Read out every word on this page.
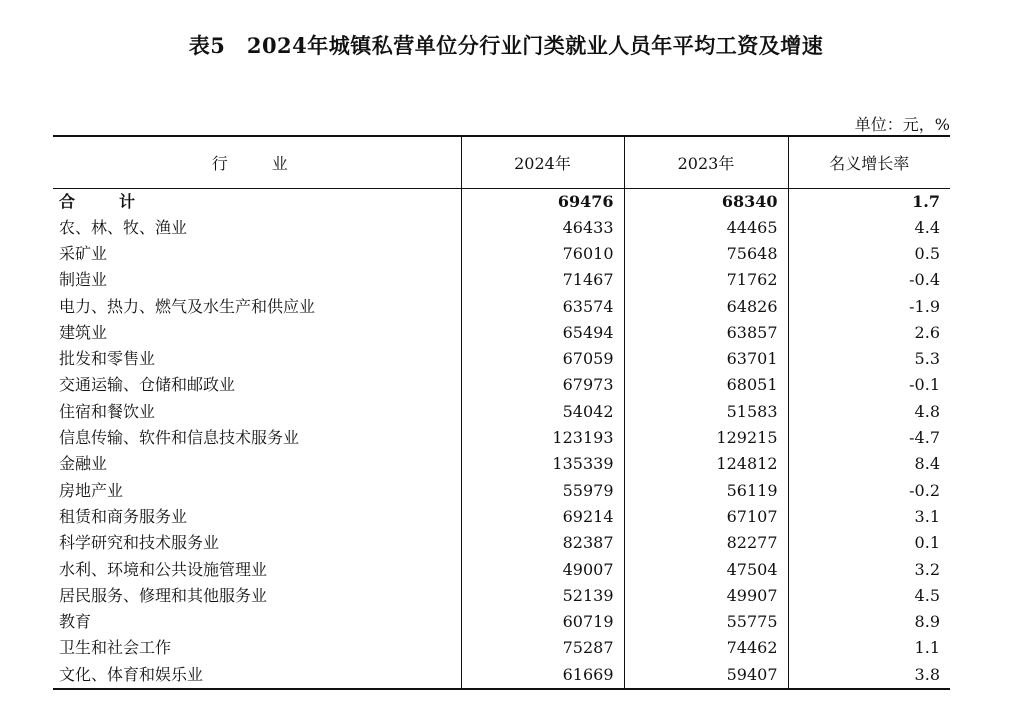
表5　2024年城镇私营单位分行业门类就业人员年平均工资及增速
单位：元，%
行　业	2024年	2023年	名义增长率
合　计	69476	68340	1.7
农、林、牧、渔业	46433	44465	4.4
采矿业	76010	75648	0.5
制造业	71467	71762	-0.4
电力、热力、燃气及水生产和供应业	63574	64826	-1.9
建筑业	65494	63857	2.6
批发和零售业	67059	63701	5.3
交通运输、仓储和邮政业	67973	68051	-0.1
住宿和餐饮业	54042	51583	4.8
信息传输、软件和信息技术服务业	123193	129215	-4.7
金融业	135339	124812	8.4
房地产业	55979	56119	-0.2
租赁和商务服务业	69214	67107	3.1
科学研究和技术服务业	82387	82277	0.1
水利、环境和公共设施管理业	49007	47504	3.2
居民服务、修理和其他服务业	52139	49907	4.5
教育	60719	55775	8.9
卫生和社会工作	75287	74462	1.1
文化、体育和娱乐业	61669	59407	3.8
